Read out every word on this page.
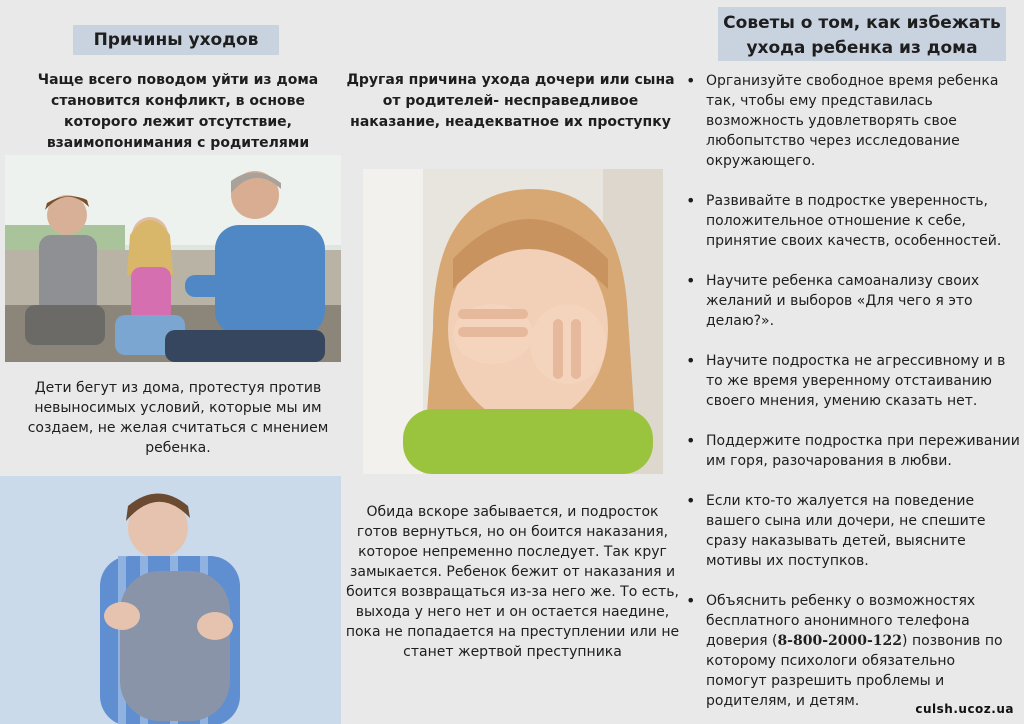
Причины уходов
Чаще всего поводом уйти из дома становится конфликт, в основе которого лежит отсутствие, взаимопонимания с родителями
Дети бегут из дома, протестуя против невыносимых условий, которые мы им создаем, не желая считаться с мнением ребенка.
Другая причина ухода дочери или сына от родителей- несправедливое наказание, неадекватное их проступку
Обида вскоре забывается, и подросток готов вернуться, но он боится наказания, которое непременно последует. Так круг замыкается. Ребенок бежит от наказания и боится возвращаться из-за него же. То есть, выхода у него нет и он остается наедине, пока не попадается на преступлении или не станет жертвой преступника
Советы о том, как избежать ухода ребенка из дома
• Организуйте свободное время ребенка так, чтобы ему представилась возможность удовлетворять свое любопытство через исследование окружающего.
• Развивайте в подростке уверенность, положительное отношение к себе, принятие своих качеств, особенностей.
• Научите ребенка самоанализу своих желаний и выборов «Для чего я это делаю?».
• Научите подростка не агрессивному и в то же время уверенному отстаиванию своего мнения, умению сказать нет.
• Поддержите подростка при переживании им горя, разочарования в любви.
• Если кто-то жалуется на поведение вашего сына или дочери, не спешите сразу наказывать детей, выясните мотивы их поступков.
• Объяснить ребенку о возможностях бесплатного анонимного телефона доверия (8-800-2000-122) позвонив по которому психологи обязательно помогут разрешить проблемы и родителям, и детям.	culsh.ucoz.ua
